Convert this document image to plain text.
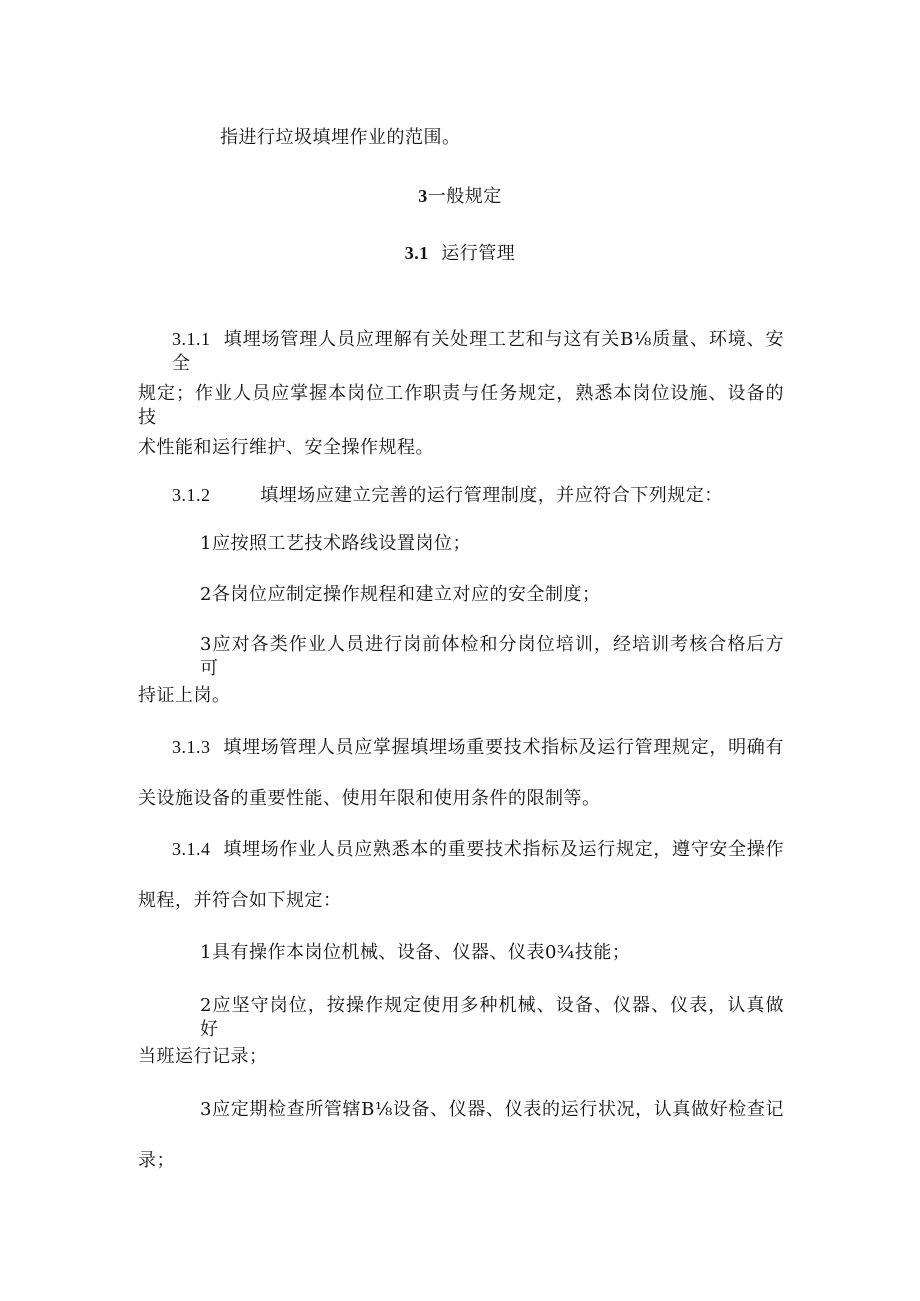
指进行垃圾填埋作业的范围。
3一般规定
3.1 运行管理
3.1.1 填埋场管理人员应理解有关处理工艺和与这有关B⅛质量、环境、安全
规定；作业人员应掌握本岗位工作职责与任务规定，熟悉本岗位设施、设备的技
术性能和运行维护、安全操作规程。
3.1.2	填埋场应建立完善的运行管理制度，并应符合下列规定：
1应按照工艺技术路线设置岗位；
2各岗位应制定操作规程和建立对应的安全制度；
3应对各类作业人员进行岗前体检和分岗位培训，经培训考核合格后方可
持证上岗。
3.1.3 填埋场管理人员应掌握填埋场重要技术指标及运行管理规定，明确有
关设施设备的重要性能、使用年限和使用条件的限制等。
3.1.4 填埋场作业人员应熟悉本的重要技术指标及运行规定，遵守安全操作
规程，并符合如下规定：
1具有操作本岗位机械、设备、仪器、仪表0¾技能；
2应坚守岗位，按操作规定使用多种机械、设备、仪器、仪表，认真做好
当班运行记录；
3应定期检查所管辖B⅛设备、仪器、仪表的运行状况，认真做好检查记
录；
